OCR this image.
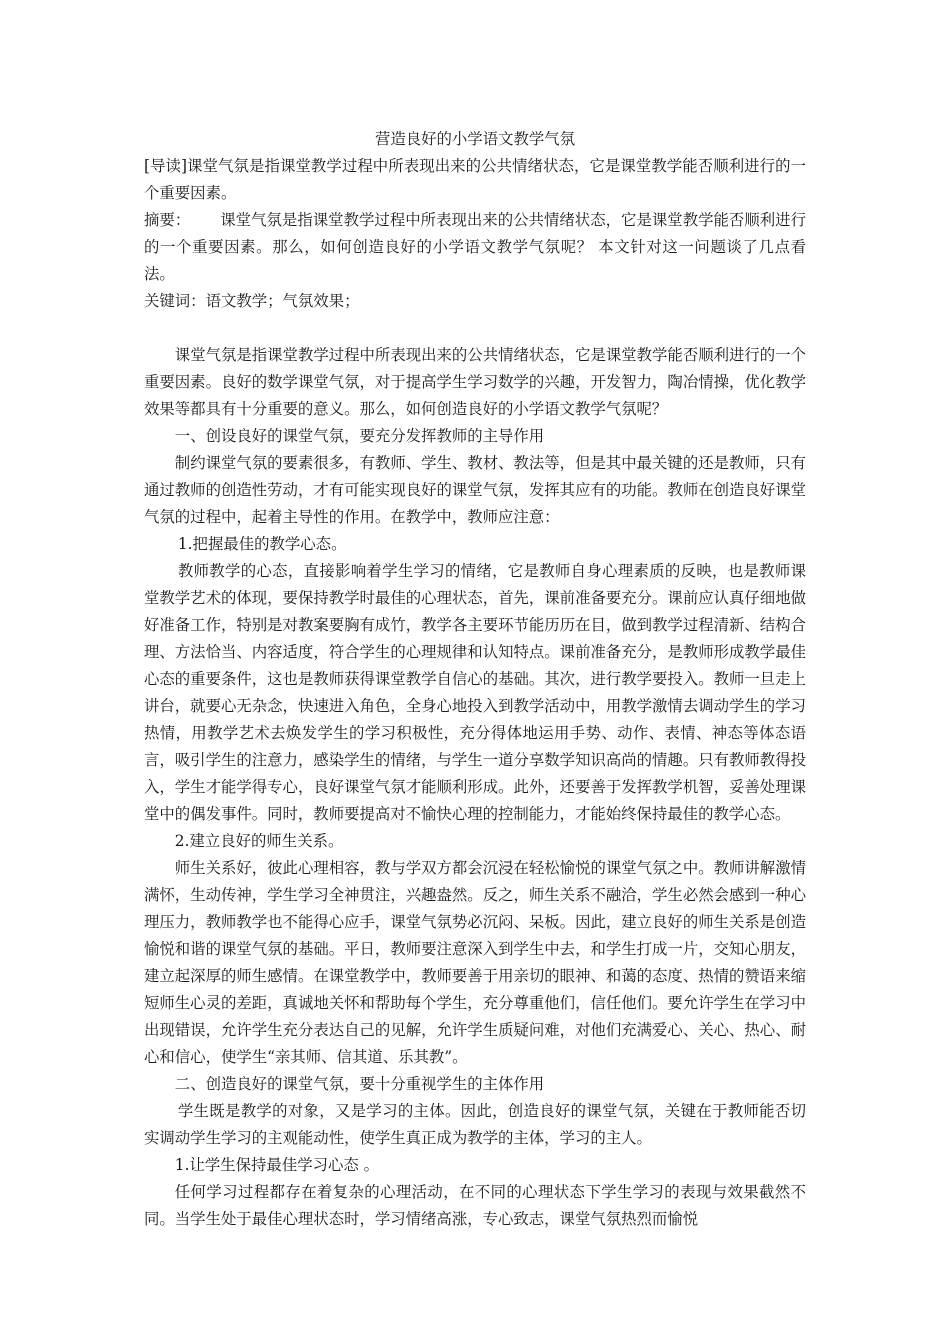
营造良好的小学语文教学气氛

[导读]课堂气氛是指课堂教学过程中所表现出来的公共情绪状态，它是课堂教学能否顺利进行的一个重要因素。

摘要： 课堂气氛是指课堂教学过程中所表现出来的公共情绪状态，它是课堂教学能否顺利进行的一个重要因素。那么，如何创造良好的小学语文教学气氛呢？ 本文针对这一问题谈了几点看法。

关键词：语文教学；气氛效果；

课堂气氛是指课堂教学过程中所表现出来的公共情绪状态，它是课堂教学能否顺利进行的一个重要因素。良好的数学课堂气氛，对于提高学生学习数学的兴趣，开发智力，陶冶情操，优化教学效果等都具有十分重要的意义。那么，如何创造良好的小学语文教学气氛呢？

一、创设良好的课堂气氛，要充分发挥教师的主导作用

制约课堂气氛的要素很多，有教师、学生、教材、教法等，但是其中最关键的还是教师，只有通过教师的创造性劳动，才有可能实现良好的课堂气氛，发挥其应有的功能。教师在创造良好课堂气氛的过程中，起着主导性的作用。在教学中，教师应注意：

1.把握最佳的教学心态。

教师教学的心态，直接影响着学生学习的情绪，它是教师自身心理素质的反映，也是教师课堂教学艺术的体现，要保持教学时最佳的心理状态，首先，课前准备要充分。课前应认真仔细地做好准备工作，特别是对教案要胸有成竹，教学各主要环节能历历在目，做到教学过程清新、结构合理、方法恰当、内容适度，符合学生的心理规律和认知特点。课前准备充分，是教师形成教学最佳心态的重要条件，这也是教师获得课堂教学自信心的基础。其次，进行教学要投入。教师一旦走上讲台，就要心无杂念，快速进入角色，全身心地投入到教学活动中，用教学激情去调动学生的学习热情，用教学艺术去焕发学生的学习积极性，充分得体地运用手势、动作、表情、神态等体态语言，吸引学生的注意力，感染学生的情绪，与学生一道分享数学知识高尚的情趣。只有教师教得投入，学生才能学得专心，良好课堂气氛才能顺利形成。此外，还要善于发挥教学机智，妥善处理课堂中的偶发事件。同时，教师要提高对不愉快心理的控制能力，才能始终保持最佳的教学心态。

2.建立良好的师生关系。

师生关系好，彼此心理相容，教与学双方都会沉浸在轻松愉悦的课堂气氛之中。教师讲解激情满怀，生动传神，学生学习全神贯注，兴趣盎然。反之，师生关系不融洽，学生必然会感到一种心理压力，教师教学也不能得心应手，课堂气氛势必沉闷、呆板。因此，建立良好的师生关系是创造愉悦和谐的课堂气氛的基础。平日，教师要注意深入到学生中去，和学生打成一片，交知心朋友，建立起深厚的师生感情。在课堂教学中，教师要善于用亲切的眼神、和蔼的态度、热情的赞语来缩短师生心灵的差距，真诚地关怀和帮助每个学生，充分尊重他们，信任他们。要允许学生在学习中出现错误，允许学生充分表达自己的见解，允许学生质疑问难，对他们充满爱心、关心、热心、耐心和信心，使学生“亲其师、信其道、乐其教”。

二、创造良好的课堂气氛，要十分重视学生的主体作用

学生既是教学的对象，又是学习的主体。因此，创造良好的课堂气氛，关键在于教师能否切实调动学生学习的主观能动性，使学生真正成为教学的主体，学习的主人。

1.让学生保持最佳学习心态 。

任何学习过程都存在着复杂的心理活动，在不同的心理状态下学生学习的表现与效果截然不同。当学生处于最佳心理状态时，学习情绪高涨，专心致志，课堂气氛热烈而愉悦
